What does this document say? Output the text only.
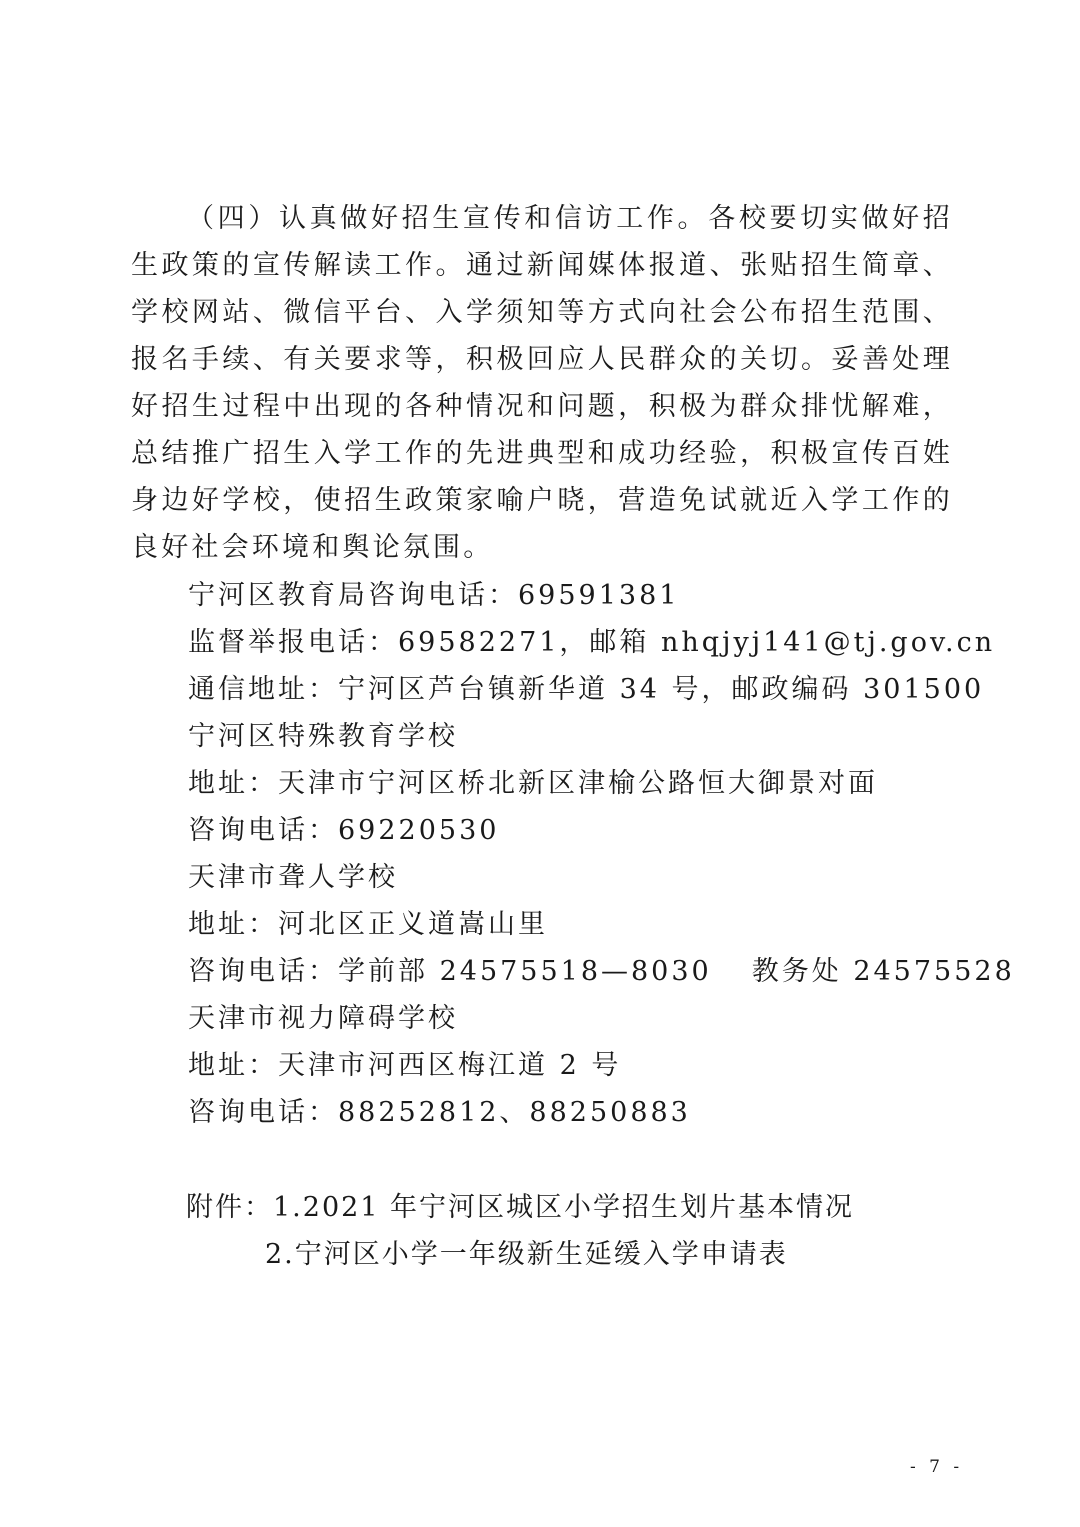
（四）认真做好招生宣传和信访工作。各校要切实做好招生政策的宣传解读工作。通过新闻媒体报道、张贴招生简章、学校网站、微信平台、入学须知等方式向社会公布招生范围、报名手续、有关要求等，积极回应人民群众的关切。妥善处理好招生过程中出现的各种情况和问题，积极为群众排忧解难，总结推广招生入学工作的先进典型和成功经验，积极宣传百姓身边好学校，使招生政策家喻户晓，营造免试就近入学工作的良好社会环境和舆论氛围。

宁河区教育局咨询电话：69591381
监督举报电话：69582271，邮箱 nhqjyj141@tj.gov.cn
通信地址：宁河区芦台镇新华道 34 号，邮政编码 301500
宁河区特殊教育学校
地址：天津市宁河区桥北新区津榆公路恒大御景对面
咨询电话：69220530
天津市聋人学校
地址：河北区正义道嵩山里
咨询电话：学前部 24575518—8030 教务处 24575528
天津市视力障碍学校
地址：天津市河西区梅江道 2 号
咨询电话：88252812、88250883
附件：1.2021 年宁河区城区小学招生划片基本情况
2.宁河区小学一年级新生延缓入学申请表
- 7 -
